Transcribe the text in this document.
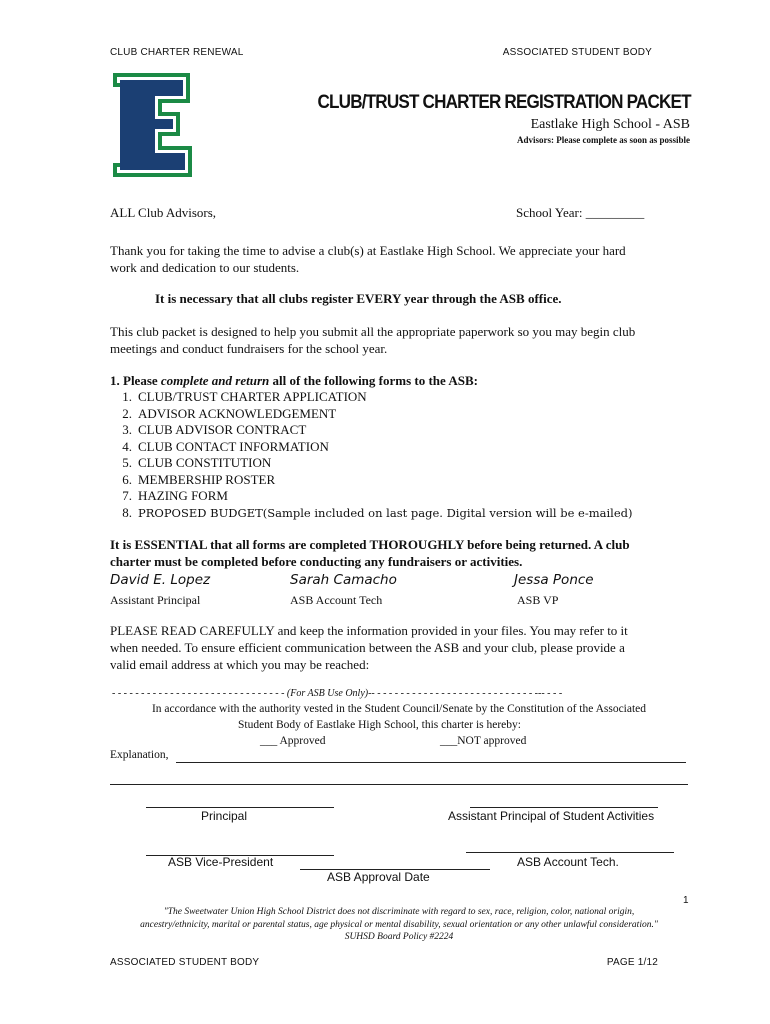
CLUB CHARTER RENEWAL	ASSOCIATED STUDENT BODY
CLUB/TRUST CHARTER REGISTRATION PACKET
Eastlake High School - ASB
Advisors: Please complete as soon as possible
ALL Club Advisors,	School Year: _________
Thank you for taking the time to advise a club(s) at Eastlake High School. We appreciate your hard
work and dedication to our students.
It is necessary that all clubs register EVERY year through the ASB office.
This club packet is designed to help you submit all the appropriate paperwork so you may begin club
meetings and conduct fundraisers for the school year.
1. Please complete and return all of the following forms to the ASB:
1. CLUB/TRUST CHARTER APPLICATION
2. ADVISOR ACKNOWLEDGEMENT
3. CLUB ADVISOR CONTRACT
4. CLUB CONTACT INFORMATION
5. CLUB CONSTITUTION
6. MEMBERSHIP ROSTER
7. HAZING FORM
8. PROPOSED BUDGET(Sample included on last page. Digital version will be e-mailed)
It is ESSENTIAL that all forms are completed THOROUGHLY before being returned. A club
charter must be completed before conducting any fundraisers or activities.
David E. Lopez	Sarah Camacho	Jessa Ponce
Assistant Principal	ASB Account Tech	ASB VP
PLEASE READ CAREFULLY and keep the information provided in your files. You may refer to it
when needed. To ensure efficient communication between the ASB and your club, please provide a
valid email address at which you may be reached:
- - - - - - - - - - - - - - - - - - - - - - - - - - - - - - (For ASB Use Only)-- - - - - - - - - - - - - - - - - - - - - - - - - - - - --- - - -
In accordance with the authority vested in the Student Council/Senate by the Constitution of the Associated
Student Body of Eastlake High School, this charter is hereby:
___ Approved	___NOT approved
Explanation,
Principal	Assistant Principal of Student Activities
ASB Vice-President	ASB Account Tech.
ASB Approval Date
1
"The Sweetwater Union High School District does not discriminate with regard to sex, race, religion, color, national origin,
ancestry/ethnicity, marital or parental status, age physical or mental disability, sexual orientation or any other unlawful consideration."
SUHSD Board Policy #2224
ASSOCIATED STUDENT BODY	PAGE 1/12
